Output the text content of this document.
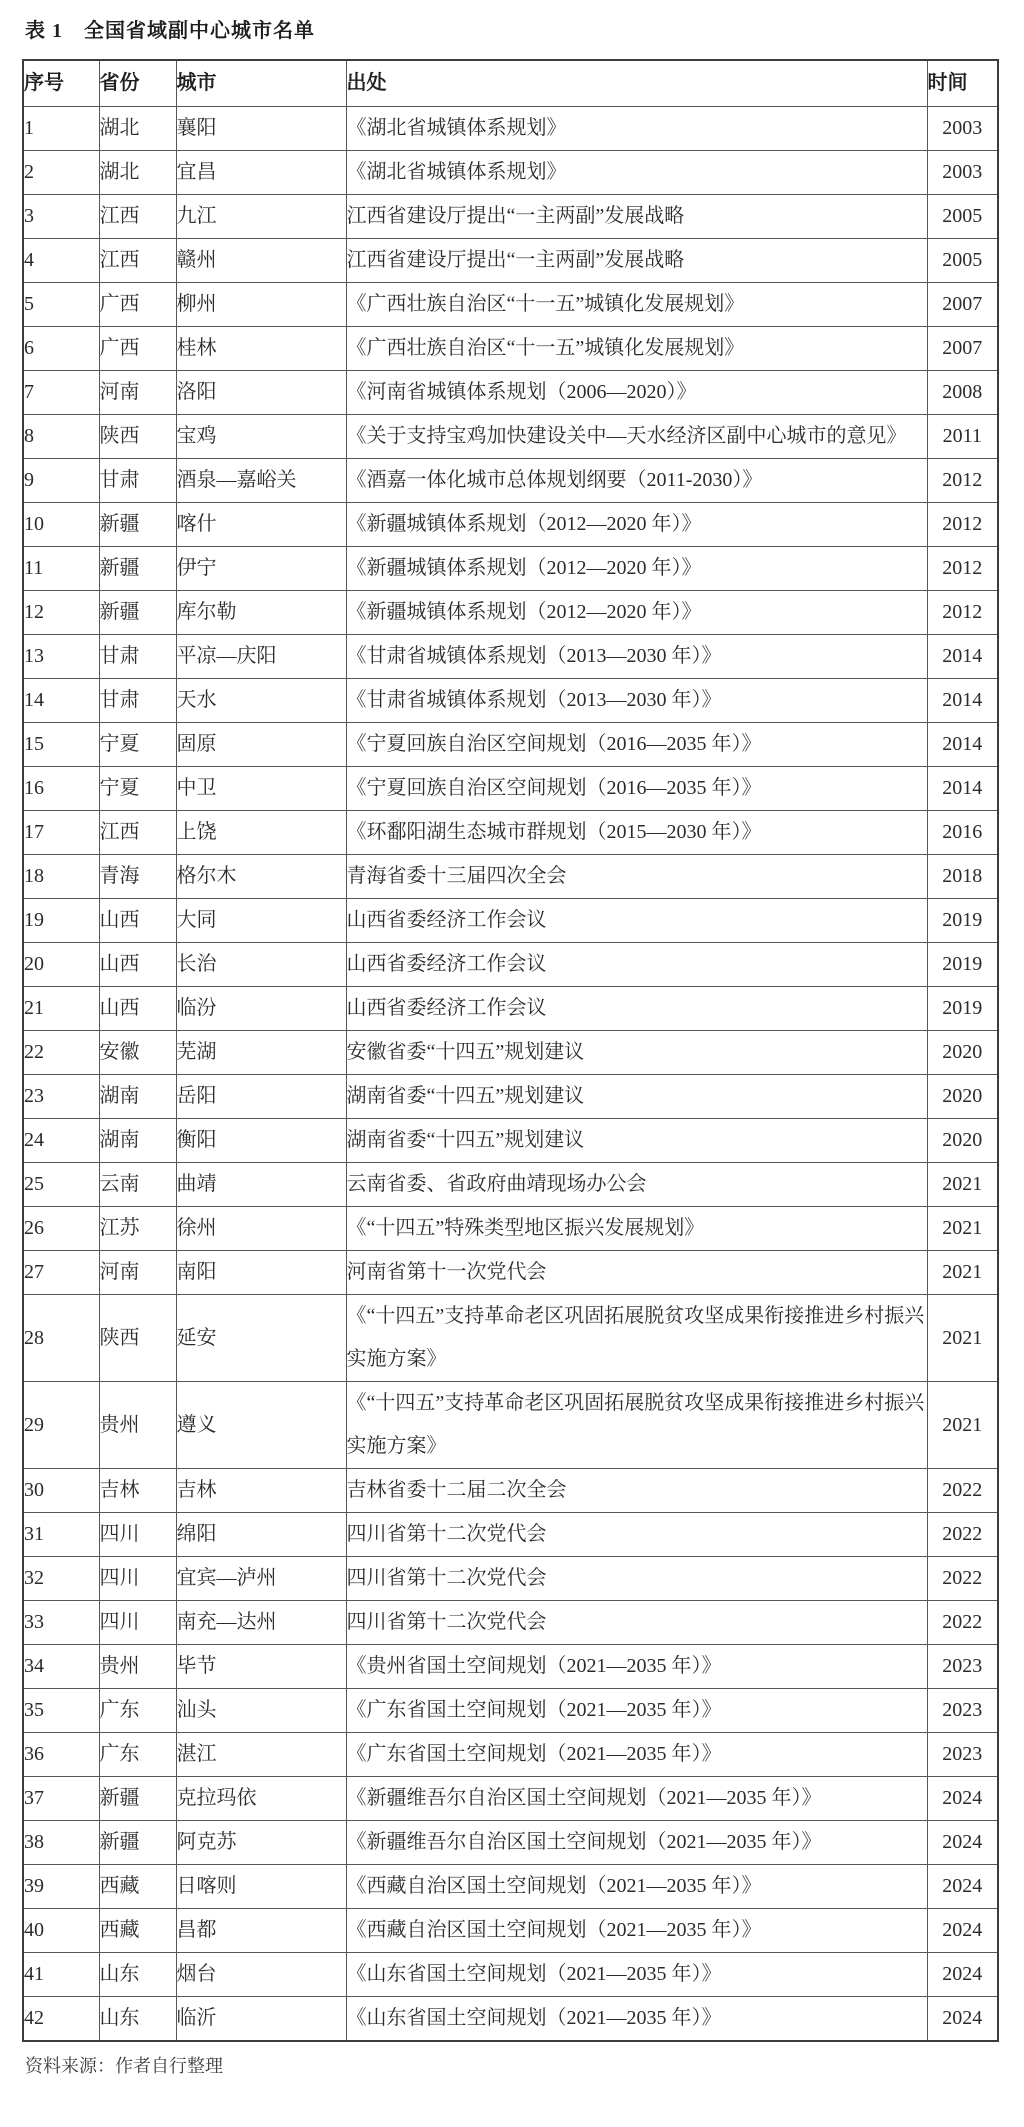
表 1　全国省域副中心城市名单
序号	省份	城市	出处	时间
1	湖北	襄阳	《湖北省城镇体系规划》	2003
2	湖北	宜昌	《湖北省城镇体系规划》	2003
3	江西	九江	江西省建设厅提出“一主两副”发展战略	2005
4	江西	赣州	江西省建设厅提出“一主两副”发展战略	2005
5	广西	柳州	《广西壮族自治区“十一五”城镇化发展规划》	2007
6	广西	桂林	《广西壮族自治区“十一五”城镇化发展规划》	2007
7	河南	洛阳	《河南省城镇体系规划（2006—2020）》	2008
8	陕西	宝鸡	《关于支持宝鸡加快建设关中—天水经济区副中心城市的意见》	2011
9	甘肃	酒泉—嘉峪关	《酒嘉一体化城市总体规划纲要（2011-2030）》	2012
10	新疆	喀什	《新疆城镇体系规划（2012—2020 年）》	2012
11	新疆	伊宁	《新疆城镇体系规划（2012—2020 年）》	2012
12	新疆	库尔勒	《新疆城镇体系规划（2012—2020 年）》	2012
13	甘肃	平凉—庆阳	《甘肃省城镇体系规划（2013—2030 年）》	2014
14	甘肃	天水	《甘肃省城镇体系规划（2013—2030 年）》	2014
15	宁夏	固原	《宁夏回族自治区空间规划（2016—2035 年）》	2014
16	宁夏	中卫	《宁夏回族自治区空间规划（2016—2035 年）》	2014
17	江西	上饶	《环鄱阳湖生态城市群规划（2015—2030 年）》	2016
18	青海	格尔木	青海省委十三届四次全会	2018
19	山西	大同	山西省委经济工作会议	2019
20	山西	长治	山西省委经济工作会议	2019
21	山西	临汾	山西省委经济工作会议	2019
22	安徽	芜湖	安徽省委“十四五”规划建议	2020
23	湖南	岳阳	湖南省委“十四五”规划建议	2020
24	湖南	衡阳	湖南省委“十四五”规划建议	2020
25	云南	曲靖	云南省委、省政府曲靖现场办公会	2021
26	江苏	徐州	《“十四五”特殊类型地区振兴发展规划》	2021
27	河南	南阳	河南省第十一次党代会	2021
28	陕西	延安	《“十四五”支持革命老区巩固拓展脱贫攻坚成果衔接推进乡村振兴实施方案》	2021
29	贵州	遵义	《“十四五”支持革命老区巩固拓展脱贫攻坚成果衔接推进乡村振兴实施方案》	2021
30	吉林	吉林	吉林省委十二届二次全会	2022
31	四川	绵阳	四川省第十二次党代会	2022
32	四川	宜宾—泸州	四川省第十二次党代会	2022
33	四川	南充—达州	四川省第十二次党代会	2022
34	贵州	毕节	《贵州省国土空间规划（2021—2035 年）》	2023
35	广东	汕头	《广东省国土空间规划（2021—2035 年）》	2023
36	广东	湛江	《广东省国土空间规划（2021—2035 年）》	2023
37	新疆	克拉玛依	《新疆维吾尔自治区国土空间规划（2021—2035 年）》	2024
38	新疆	阿克苏	《新疆维吾尔自治区国土空间规划（2021—2035 年）》	2024
39	西藏	日喀则	《西藏自治区国土空间规划（2021—2035 年）》	2024
40	西藏	昌都	《西藏自治区国土空间规划（2021—2035 年）》	2024
41	山东	烟台	《山东省国土空间规划（2021—2035 年）》	2024
42	山东	临沂	《山东省国土空间规划（2021—2035 年）》	2024
资料来源：作者自行整理
